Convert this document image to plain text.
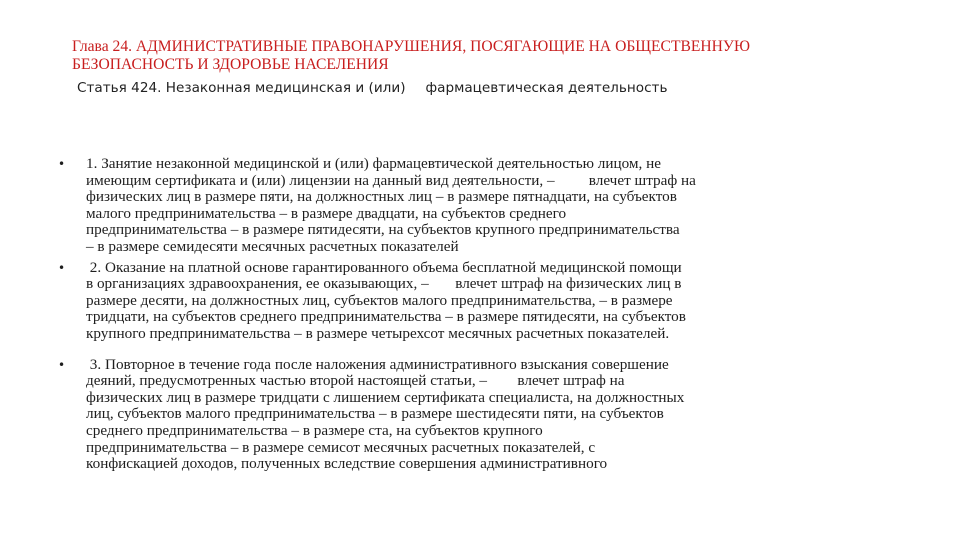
Глава 24. АДМИНИСТРАТИВНЫЕ ПРАВОНАРУШЕНИЯ, ПОСЯГАЮЩИЕ НА ОБЩЕСТВЕННУЮ БЕЗОПАСНОСТЬ И ЗДОРОВЬЕ НАСЕЛЕНИЯ
Статья 424. Незаконная медицинская и (или) фармацевтическая деятельность
•	1. Занятие незаконной медицинской и (или) фармацевтической деятельностью лицом, не
имеющим сертификата и (или) лицензии на данный вид деятельности, –         влечет штраф на
физических лиц в размере пяти, на должностных лиц – в размере пятнадцати, на субъектов
малого предпринимательства – в размере двадцати, на субъектов среднего
предпринимательства – в размере пятидесяти, на субъектов крупного предпринимательства
– в размере семидесяти месячных расчетных показателей
•	2. Оказание на платной основе гарантированного объема бесплатной медицинской помощи
в организациях здравоохранения, ее оказывающих, –       влечет штраф на физических лиц в
размере десяти, на должностных лиц, субъектов малого предпринимательства, – в размере
тридцати, на субъектов среднего предпринимательства – в размере пятидесяти, на субъектов
крупного предпринимательства – в размере четырехсот месячных расчетных показателей.
•	3. Повторное в течение года после наложения административного взыскания совершение
деяний, предусмотренных частью второй настоящей статьи, –        влечет штраф на
физических лиц в размере тридцати с лишением сертификата специалиста, на должностных
лиц, субъектов малого предпринимательства – в размере шестидесяти пяти, на субъектов
среднего предпринимательства – в размере ста, на субъектов крупного
предпринимательства – в размере семисот месячных расчетных показателей, с
конфискацией доходов, полученных вследствие совершения административного
